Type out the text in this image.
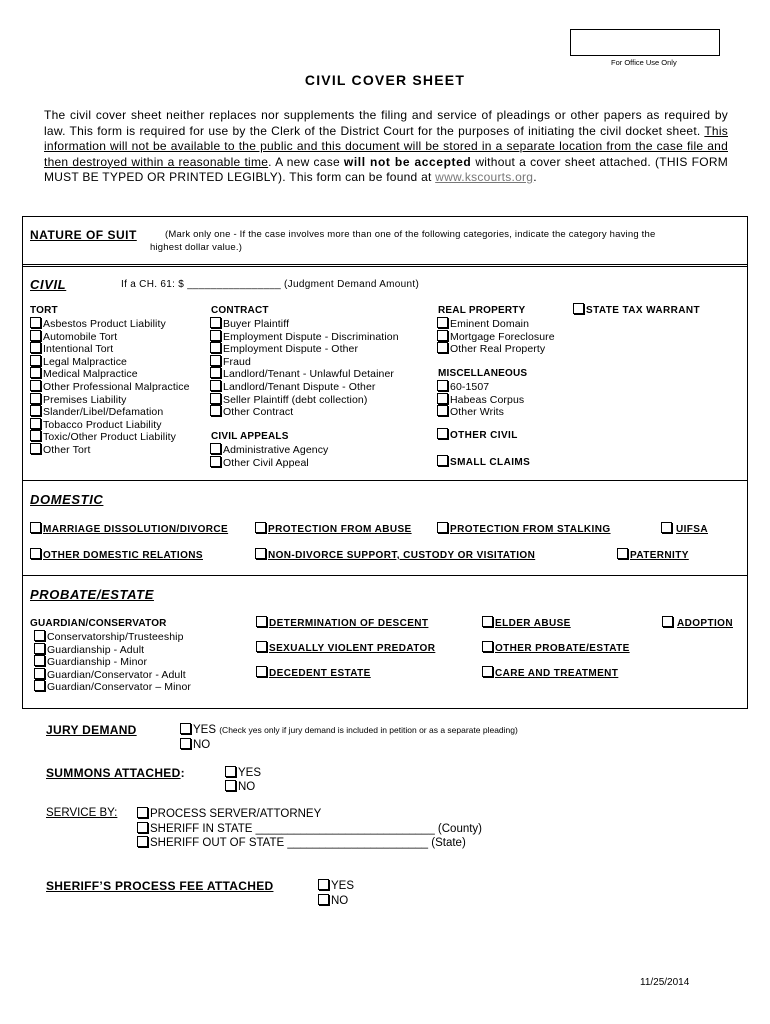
For Office Use Only
CIVIL COVER SHEET
The civil cover sheet neither replaces nor supplements the filing and service of pleadings or other papers as required by law. This form is required for use by the Clerk of the District Court for the purposes of initiating the civil docket sheet. This information will not be available to the public and this document will be stored in a separate location from the case file and then destroyed within a reasonable time. A new case will not be accepted without a cover sheet attached. (THIS FORM MUST BE TYPED OR PRINTED LEGIBLY). This form can be found at www.kscourts.org.
NATURE OF SUIT	(Mark only one - If the case involves more than one of the following categories, indicate the category having the
highest dollar value.)
CIVIL	If a CH. 61: $ ________________ (Judgment Demand Amount)
TORT
Asbestos Product Liability
Automobile Tort
Intentional Tort
Legal Malpractice
Medical Malpractice
Other Professional Malpractice
Premises Liability
Slander/Libel/Defamation
Tobacco Product Liability
Toxic/Other Product Liability
Other Tort
CONTRACT
Buyer Plaintiff
Employment Dispute - Discrimination
Employment Dispute - Other
Fraud
Landlord/Tenant - Unlawful Detainer
Landlord/Tenant Dispute - Other
Seller Plaintiff (debt collection)
Other Contract
CIVIL APPEALS
Administrative Agency
Other Civil Appeal
REAL PROPERTY
Eminent Domain
Mortgage Foreclosure
Other Real Property
MISCELLANEOUS
60-1507
Habeas Corpus
Other Writs
OTHER CIVIL
SMALL CLAIMS
STATE TAX WARRANT
DOMESTIC
MARRIAGE DISSOLUTION/DIVORCE	PROTECTION FROM ABUSE	PROTECTION FROM STALKING	UIFSA
OTHER DOMESTIC RELATIONS	NON-DIVORCE SUPPORT, CUSTODY OR VISITATION	PATERNITY
PROBATE/ESTATE
GUARDIAN/CONSERVATOR
Conservatorship/Trusteeship
Guardianship - Adult
Guardianship - Minor
Guardian/Conservator - Adult
Guardian/Conservator – Minor
DETERMINATION OF DESCENT
SEXUALLY VIOLENT PREDATOR
DECEDENT ESTATE
ELDER ABUSE
OTHER PROBATE/ESTATE
CARE AND TREATMENT
ADOPTION
JURY DEMAND	YES (Check yes only if jury demand is included in petition or as a separate pleading)
NO
SUMMONS ATTACHED:	YES
NO
SERVICE BY:	PROCESS SERVER/ATTORNEY
SHERIFF IN STATE ____________________________ (County)
SHERIFF OUT OF STATE ______________________ (State)
SHERIFF’S PROCESS FEE ATTACHED	YES
NO
11/25/2014
